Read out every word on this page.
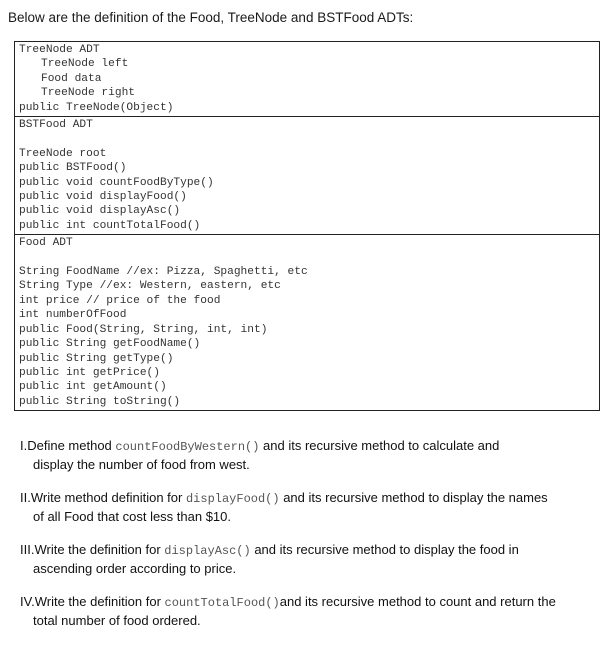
Below are the definition of the Food, TreeNode and BSTFood ADTs:
TreeNode ADT
TreeNode left
Food data
TreeNode right
public TreeNode(Object)
BSTFood ADT
TreeNode root
public BSTFood()
public void countFoodByType()
public void displayFood()
public void displayAsc()
public int countTotalFood()
Food ADT
String FoodName //ex: Pizza, Spaghetti, etc
String Type //ex: Western, eastern, etc
int price // price of the food
int numberOfFood
public Food(String, String, int, int)
public String getFoodName()
public String getType()
public int getPrice()
public int getAmount()
public String toString()
I.Define method countFoodByWestern() and its recursive method to calculate and
display the number of food from west.
II.Write method definition for displayFood() and its recursive method to display the names
of all Food that cost less than $10.
III.Write the definition for displayAsc() and its recursive method to display the food in
ascending order according to price.
IV.Write the definition for countTotalFood()and its recursive method to count and return the
total number of food ordered.
